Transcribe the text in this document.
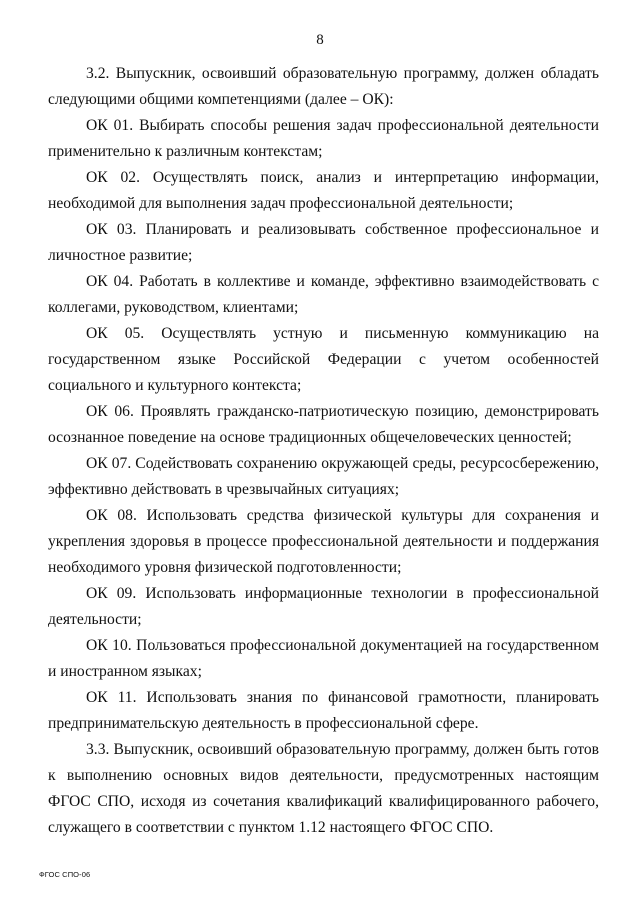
8

3.2. Выпускник, освоивший образовательную программу, должен обладать следующими общими компетенциями (далее – ОК):

ОК 01. Выбирать способы решения задач профессиональной деятельности применительно к различным контекстам;

ОК 02. Осуществлять поиск, анализ и интерпретацию информации, необходимой для выполнения задач профессиональной деятельности;

ОК 03. Планировать и реализовывать собственное профессиональное и личностное развитие;

ОК 04. Работать в коллективе и команде, эффективно взаимодействовать с коллегами, руководством, клиентами;

ОК 05. Осуществлять устную и письменную коммуникацию на государственном языке Российской Федерации с учетом особенностей социального и культурного контекста;

ОК 06. Проявлять гражданско-патриотическую позицию, демонстрировать осознанное поведение на основе традиционных общечеловеческих ценностей;

ОК 07. Содействовать сохранению окружающей среды, ресурсосбережению, эффективно действовать в чрезвычайных ситуациях;

ОК 08. Использовать средства физической культуры для сохранения и укрепления здоровья в процессе профессиональной деятельности и поддержания необходимого уровня физической подготовленности;

ОК 09. Использовать информационные технологии в профессиональной деятельности;

ОК 10. Пользоваться профессиональной документацией на государственном и иностранном языках;

ОК 11. Использовать знания по финансовой грамотности, планировать предпринимательскую деятельность в профессиональной сфере.

3.3. Выпускник, освоивший образовательную программу, должен быть готов к выполнению основных видов деятельности, предусмотренных настоящим ФГОС СПО, исходя из сочетания квалификаций квалифицированного рабочего, служащего в соответствии с пунктом 1.12 настоящего ФГОС СПО.

ФГОС СПО-06
